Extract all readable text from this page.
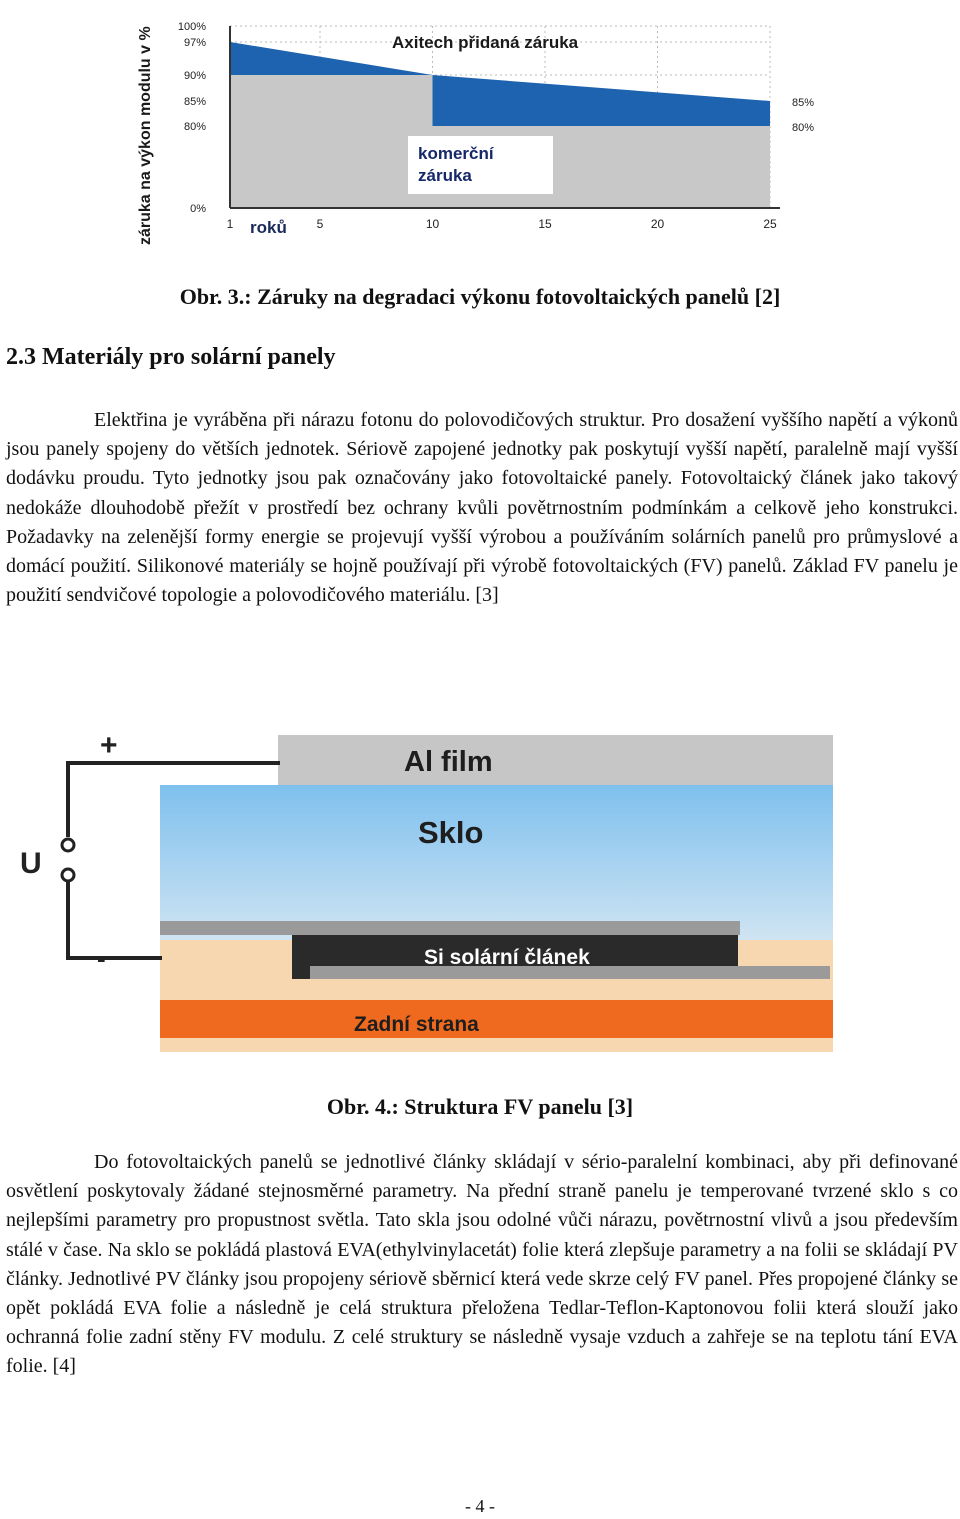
záruka na výkon modulu v % 100%
97%
90%
85%
80%
0%
1	5	10	15	20	25
roků
85%
80%
Axitech přidaná záruka
komerční
záruka
Obr. 3.: Záruky na degradaci výkonu fotovoltaických panelů [2]
2.3 Materiály pro solární panely

Elektřina je vyráběna při nárazu fotonu do polovodičových struktur. Pro dosažení vyššího napětí a výkonů jsou panely spojeny do větších jednotek. Sériově zapojené jednotky pak poskytují vyšší napětí, paralelně mají vyšší dodávku proudu. Tyto jednotky jsou pak označovány jako fotovoltaické panely. Fotovoltaický článek jako takový nedokáže dlouhodobě přežít v prostředí bez ochrany kvůli povětrnostním podmínkám a celkově jeho konstrukci. Požadavky na zelenější formy energie se projevují vyšší výrobou a používáním solárních panelů pro průmyslové a domácí použití. Silikonové materiály se hojně používají při výrobě fotovoltaických (FV) panelů. Základ FV panelu je použití sendvičové topologie a polovodičového materiálu. [3]

+
-
U
Al film
Sklo
Si solární článek
Zadní strana
Obr. 4.: Struktura FV panelu [3]

Do fotovoltaických panelů se jednotlivé články skládají v sério-paralelní kombinaci, aby při definované osvětlení poskytovaly žádané stejnosměrné parametry. Na přední straně panelu je temperované tvrzené sklo s co nejlepšími parametry pro propustnost světla. Tato skla jsou odolné vůči nárazu, povětrnostní vlivů a jsou především stálé v čase. Na sklo se pokládá plastová EVA(ethylvinylacetát) folie která zlepšuje parametry a na folii se skládají PV články. Jednotlivé PV články jsou propojeny sériově sběrnicí která vede skrze celý FV panel. Přes propojené články se opět pokládá EVA folie a následně je celá struktura přeložena Tedlar-Teflon-Kaptonovou folii která slouží jako ochranná folie zadní stěny FV modulu. Z celé struktury se následně vysaje vzduch a zahřeje se na teplotu tání EVA folie. [4]

- 4 -
